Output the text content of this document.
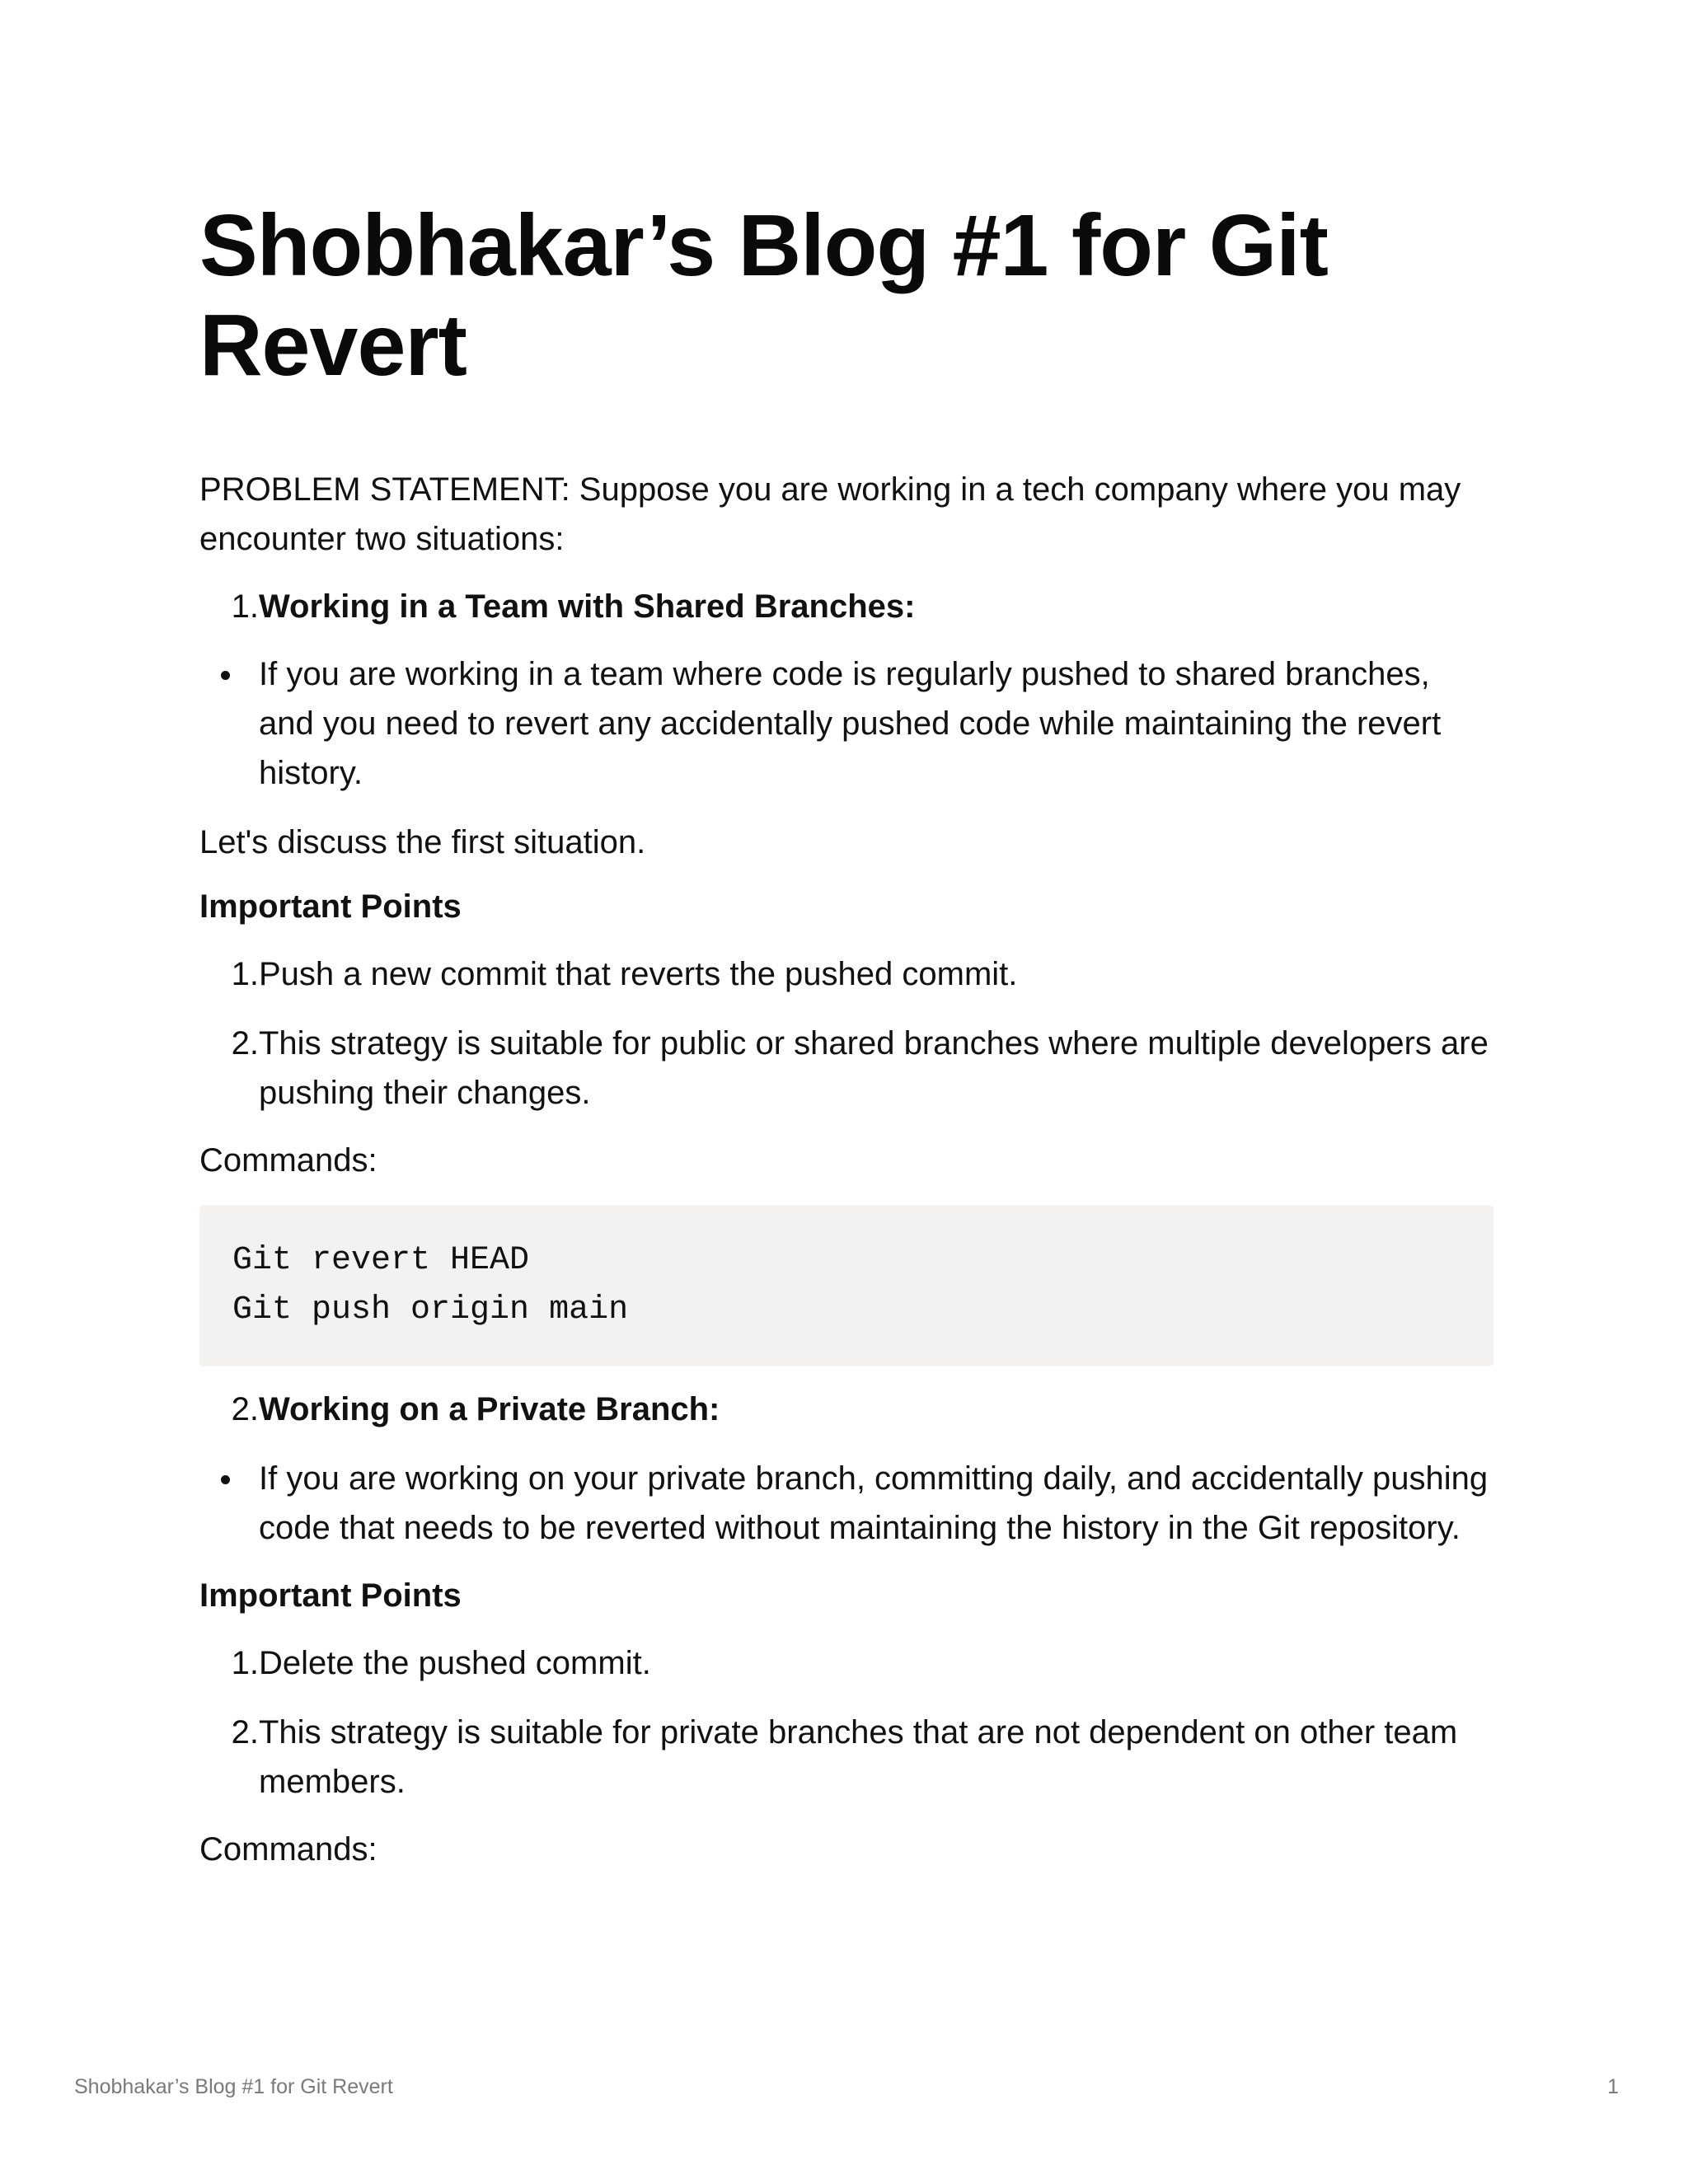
Shobhakar’s Blog #1 for Git Revert

PROBLEM STATEMENT: Suppose you are working in a tech company where you may encounter two situations:

1. Working in a Team with Shared Branches:
If you are working in a team where code is regularly pushed to shared branches, and you need to revert any accidentally pushed code while maintaining the revert history.

Let's discuss the first situation.

Important Points

1. Push a new commit that reverts the pushed commit.
2. This strategy is suitable for public or shared branches where multiple developers are pushing their changes.

Commands:

Git revert HEAD
Git push origin main
2. Working on a Private Branch:
If you are working on your private branch, committing daily, and accidentally pushing code that needs to be reverted without maintaining the history in the Git repository.

Important Points

1. Delete the pushed commit.
2. This strategy is suitable for private branches that are not dependent on other team members.

Commands:

Shobhakar’s Blog #1 for Git Revert	1
